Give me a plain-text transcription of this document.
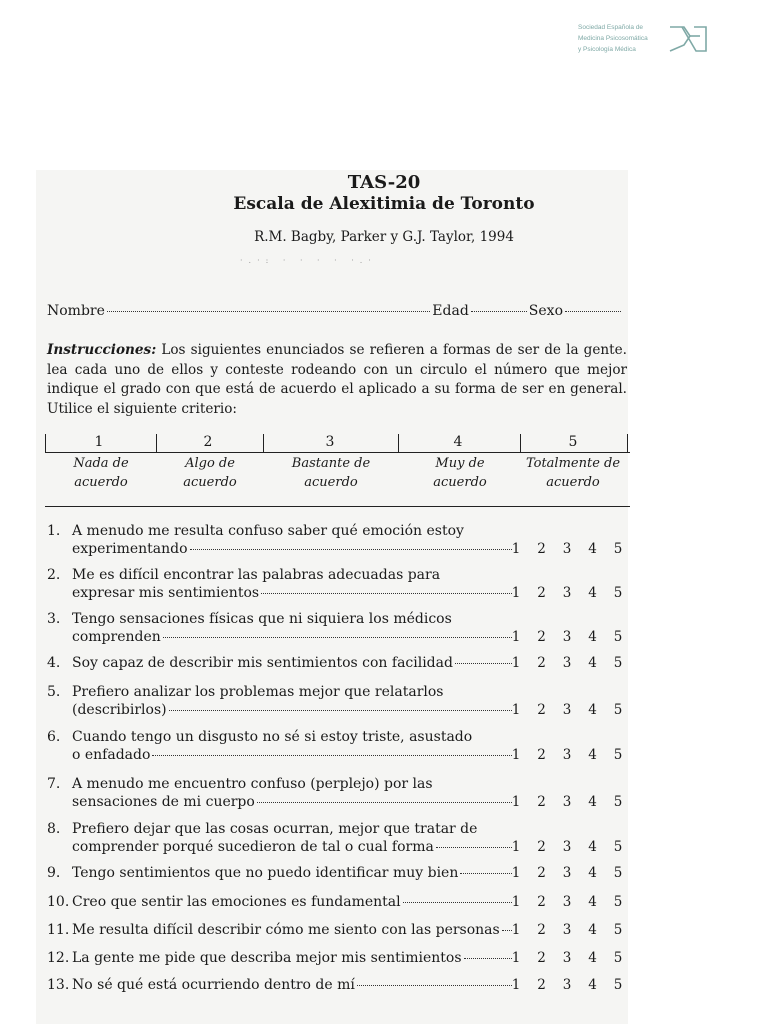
Sociedad Española de
Medicina Psicosomática
y Psicología Médica
TAS-20
Escala de Alexitimia de Toronto
R.M. Bagby, Parker y G.J. Taylor, 1994
·.·: · · · · ·.·
Nombre	Edad	Sexo
Instrucciones: Los siguientes enunciados se refieren a formas de ser de la gente. lea cada uno de ellos y conteste rodeando con un circulo el número que mejor indique el grado con que está de acuerdo el aplicado a su forma de ser en general. Utilice el siguiente criterio:
1	2	3	4	5
Nada de
acuerdo
Algo de
acuerdo
Bastante de
acuerdo
Muy de
acuerdo
Totalmente de
acuerdo
1. A menudo me resulta confuso saber qué emoción estoy
experimentando	1	2	3	4	5
2. Me es difícil encontrar las palabras adecuadas para
expresar mis sentimientos	1	2	3	4	5
3. Tengo sensaciones físicas que ni siquiera los médicos
comprenden	1	2	3	4	5
4. Soy capaz de describir mis sentimientos con facilidad	1	2	3	4	5
5. Prefiero analizar los problemas mejor que relatarlos
(describirlos)	1	2	3	4	5
6. Cuando tengo un disgusto no sé si estoy triste, asustado
o enfadado	1	2	3	4	5
7. A menudo me encuentro confuso (perplejo) por las
sensaciones de mi cuerpo	1	2	3	4	5
8. Prefiero dejar que las cosas ocurran, mejor que tratar de
comprender porqué sucedieron de tal o cual forma	1	2	3	4	5
9. Tengo sentimientos que no puedo identificar muy bien	1	2	3	4	5
10. Creo que sentir las emociones es fundamental	1	2	3	4	5
11. Me resulta difícil describir cómo me siento con las personas 1	2	3	4	5
12. La gente me pide que describa mejor mis sentimientos	1	2	3	4	5
13. No sé qué está ocurriendo dentro de mí	1	2	3	4	5
